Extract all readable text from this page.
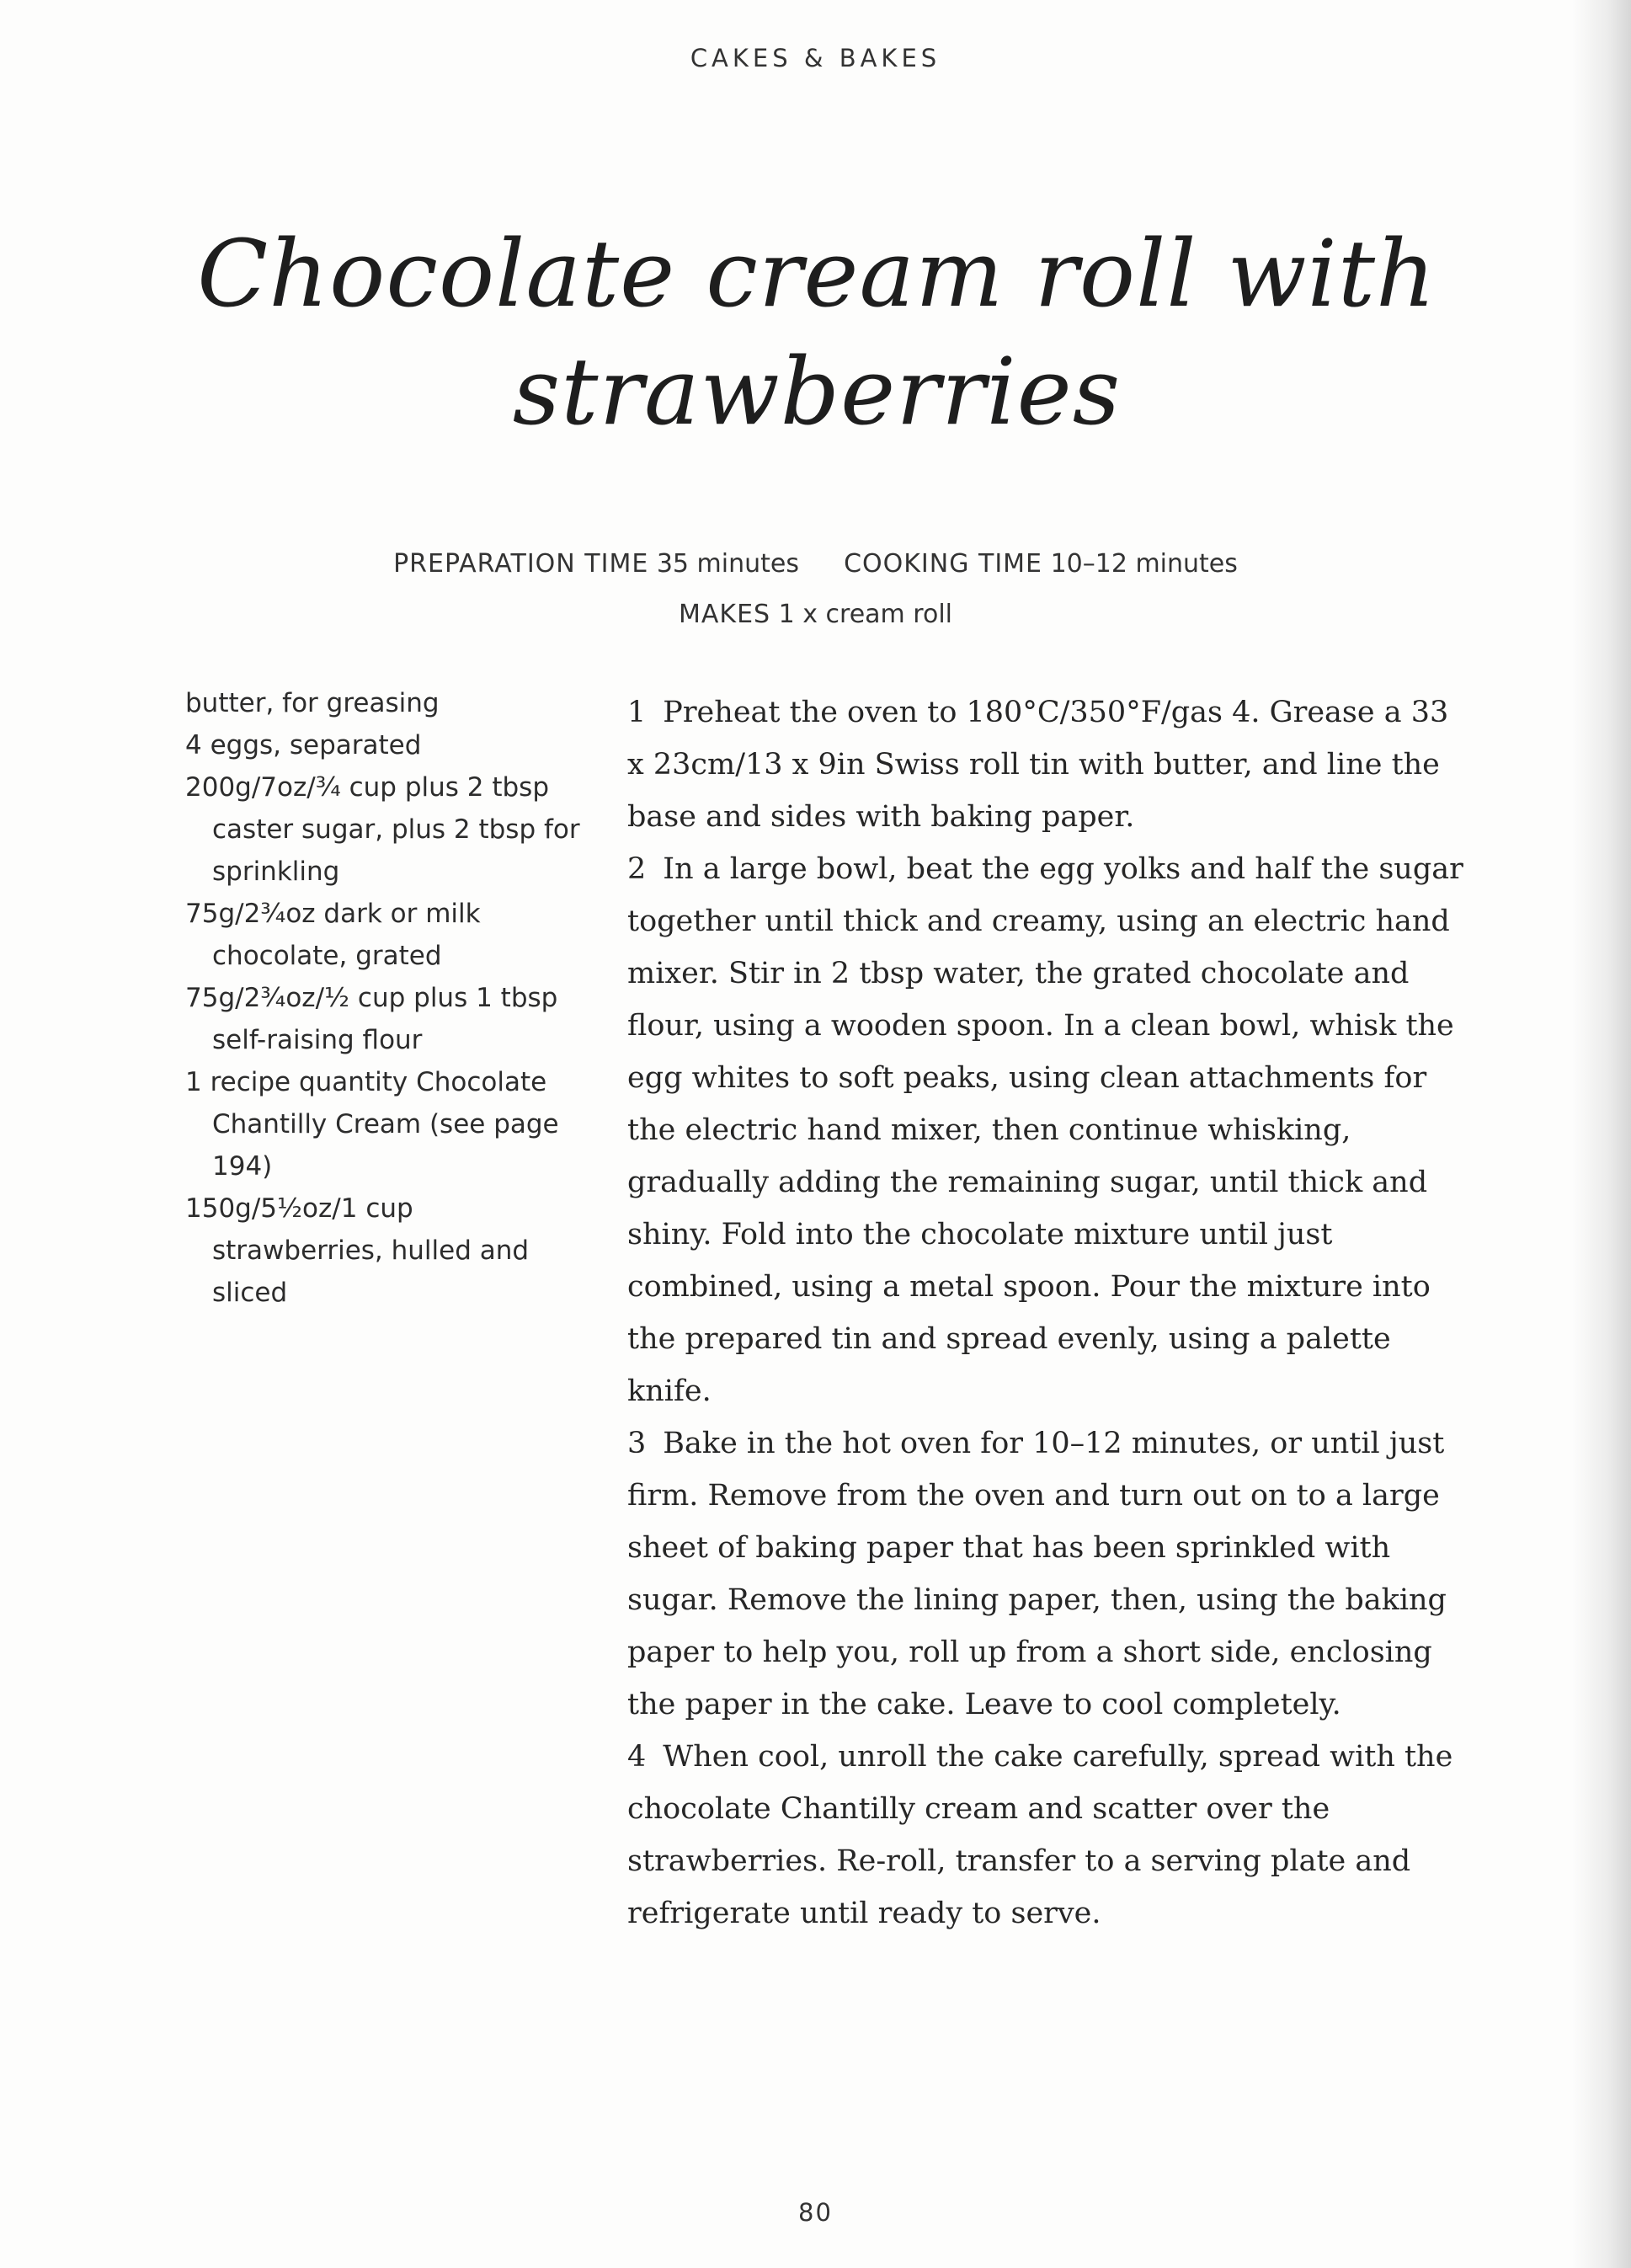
CAKES & BAKES
Chocolate cream roll with strawberries
PREPARATION TIME 35 minutes COOKING TIME 10–12 minutes
MAKES 1 x cream roll
butter, for greasing
4 eggs, separated
200g/7oz/¾ cup plus 2 tbsp caster sugar, plus 2 tbsp for sprinkling
75g/2¾oz dark or milk chocolate, grated
75g/2¾oz/½ cup plus 1 tbsp self-raising flour
1 recipe quantity Chocolate Chantilly Cream (see page 194)
150g/5½oz/1 cup strawberries, hulled and sliced

1 Preheat the oven to 180°C/350°F/gas 4. Grease a 33 x 23cm/13 x 9in Swiss roll tin with butter, and line the base and sides with baking paper.

2 In a large bowl, beat the egg yolks and half the sugar together until thick and creamy, using an electric hand mixer. Stir in 2 tbsp water, the grated chocolate and flour, using a wooden spoon. In a clean bowl, whisk the egg whites to soft peaks, using clean attachments for the electric hand mixer, then continue whisking, gradually adding the remaining sugar, until thick and shiny. Fold into the chocolate mixture until just combined, using a metal spoon. Pour the mixture into the prepared tin and spread evenly, using a palette knife.

3 Bake in the hot oven for 10–12 minutes, or until just firm. Remove from the oven and turn out on to a large sheet of baking paper that has been sprinkled with sugar. Remove the lining paper, then, using the baking paper to help you, roll up from a short side, enclosing the paper in the cake. Leave to cool completely.

4 When cool, unroll the cake carefully, spread with the chocolate Chantilly cream and scatter over the strawberries. Re-roll, transfer to a serving plate and refrigerate until ready to serve.

80
